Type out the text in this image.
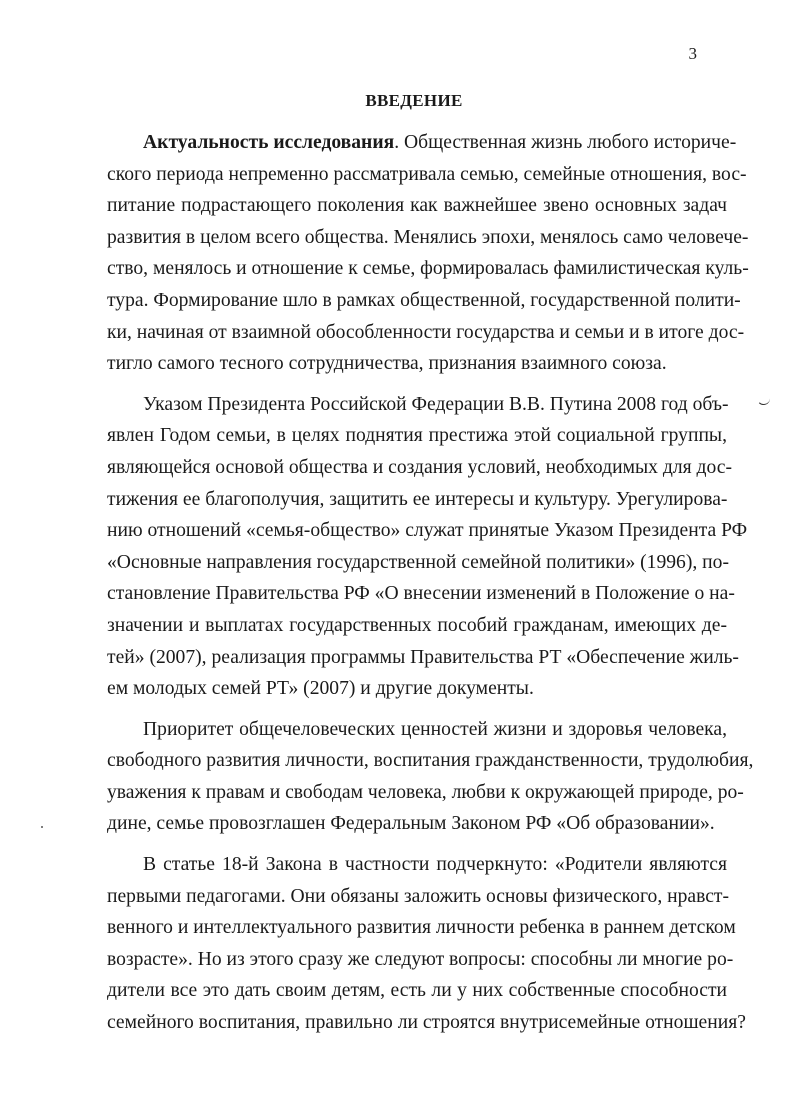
3
ВВЕДЕНИЕ
Актуальность исследования. Общественная жизнь любого историче-
ского периода непременно рассматривала семью, семейные отношения, вос-
питание подрастающего поколения как важнейшее звено основных задач
развития в целом всего общества. Менялись эпохи, менялось само человече-
ство, менялось и отношение к семье, формировалась фамилистическая куль-
тура. Формирование шло в рамках общественной, государственной полити-
ки, начиная от взаимной обособленности государства и семьи и в итоге дос-
тигло самого тесного сотрудничества, признания взаимного союза.
Указом Президента Российской Федерации В.В. Путина 2008 год объ-
явлен Годом семьи, в целях поднятия престижа этой социальной группы,
являющейся основой общества и создания условий, необходимых для дос-
тижения ее благополучия, защитить ее интересы и культуру. Урегулирова-
нию отношений «семья-общество» служат принятые Указом Президента РФ
«Основные направления государственной семейной политики» (1996), по-
становление Правительства РФ «О внесении изменений в Положение о на-
значении и выплатах государственных пособий гражданам, имеющих де-
тей» (2007), реализация программы Правительства РТ «Обеспечение жиль-
ем молодых семей РТ» (2007) и другие документы.
Приоритет общечеловеческих ценностей жизни и здоровья человека,
свободного развития личности, воспитания гражданственности, трудолюбия,
уважения к правам и свободам человека, любви к окружающей природе, ро-
дине, семье провозглашен Федеральным Законом РФ «Об образовании».
В статье 18-й Закона в частности подчеркнуто: «Родители являются
первыми педагогами. Они обязаны заложить основы физического, нравст-
венного и интеллектуального развития личности ребенка в раннем детском
возрасте». Но из этого сразу же следуют вопросы: способны ли многие ро-
дители все это дать своим детям, есть ли у них собственные способности
семейного воспитания, правильно ли строятся внутрисемейные отношения?
